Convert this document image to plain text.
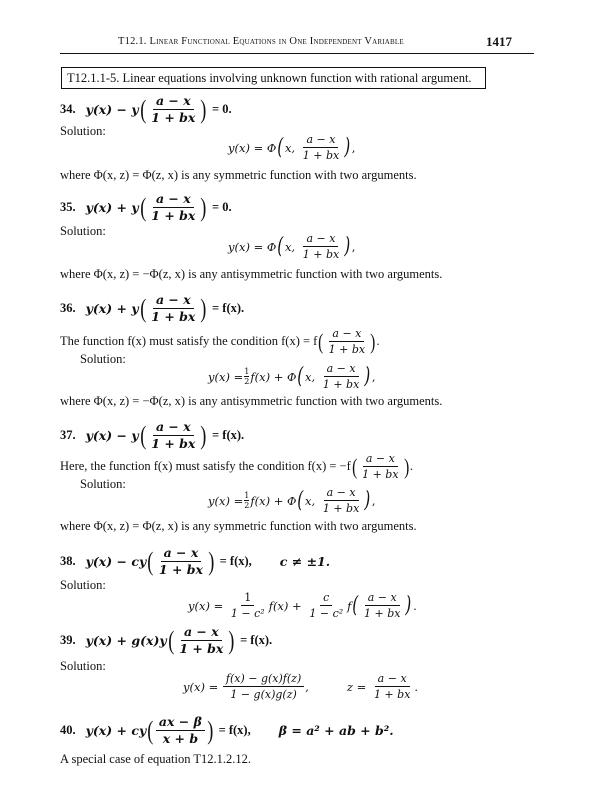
T12.1. Linear Functional Equations in One Independent Variable	1417
T12.1.1-5. Linear equations involving unknown function with rational argument.
34. y(x) − y ( $\frac{a - x}{1 + bx}$ ) = 0.
Solution:
y(x) = Φ ( x, $\frac{a - x}{1 + bx}$ ) ,
where Φ(x, z) = Φ(z, x) is any symmetric function with two arguments.
35. y(x) + y ( $\frac{a - x}{1 + bx}$ ) = 0.
Solution:
y(x) = Φ ( x, $\frac{a - x}{1 + bx}$ ) ,
where Φ(x, z) = −Φ(z, x) is any antisymmetric function with two arguments.
36. y(x) + y ( $\frac{a - x}{1 + bx}$ ) = f(x).
The function f(x) must satisfy the condition f(x) = f ( $\frac{a - x}{1 + bx}$ ) .
Solution:
$y(x) = \frac{1}{2} f(x) + \Phi$ ( x, $\frac{a - x}{1 + bx}$ ) ,
where Φ(x, z) = −Φ(z, x) is any antisymmetric function with two arguments.
37. y(x) − y ( $\frac{a - x}{1 + bx}$ ) = f(x).
Here, the function f(x) must satisfy the condition f(x) = −f ( $\frac{a - x}{1 + bx}$ ) .
Solution:
$y(x) = \frac{1}{2} f(x) + \Phi$ ( x, $\frac{a - x}{1 + bx}$ ) ,
where Φ(x, z) = Φ(z, x) is any symmetric function with two arguments.
38. y(x) − cy ( $\frac{a - x}{1 + bx}$ ) = f(x), c ≠ ±1.
Solution:
y(x) =
$\frac{1}{\text{1 − c²}} f(x)$ +
$\frac{c}{\text{1 − c²}}$ f ( $\frac{a - x}{1 + bx}$ ) .
39. y(x) + g(x)y ( $\frac{a - x}{1 + bx}$ ) = f(x).
Solution:
y(x) =
$\frac{f(x) - g(x)f(z)}{1 - g(x)g(z)}$ ,	z =
$\frac{a - x}{1 + bx}$ .
40. y(x) + cy ( $\frac{ax - \beta}{x + b}$ ) = f(x), β = a² + ab + b².
A special case of equation T12.1.2.12.
